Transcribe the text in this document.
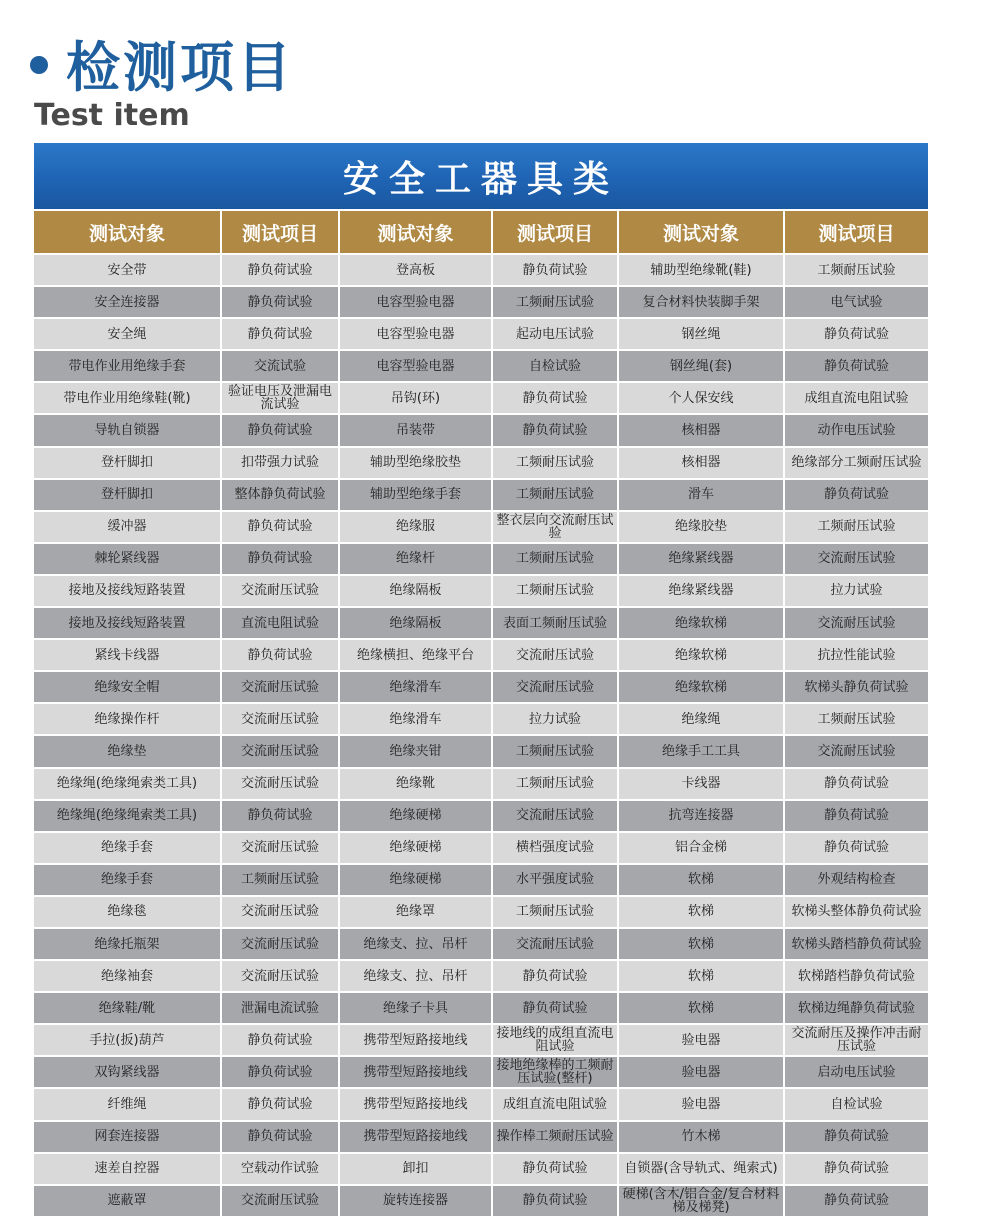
检测项目
Test item
安全工器具类
测试对象	测试项目	测试对象	测试项目	测试对象	测试项目
安全带	静负荷试验	登高板	静负荷试验	辅助型绝缘靴(鞋)	工频耐压试验
安全连接器	静负荷试验	电容型验电器	工频耐压试验	复合材料快装脚手架	电气试验
安全绳	静负荷试验	电容型验电器	起动电压试验	钢丝绳	静负荷试验
带电作业用绝缘手套	交流试验	电容型验电器	自检试验	钢丝绳(套)	静负荷试验
带电作业用绝缘鞋(靴)	验证电压及泄漏电流试验	吊钩(环)	静负荷试验	个人保安线	成组直流电阻试验
导轨自锁器	静负荷试验	吊装带	静负荷试验	核相器	动作电压试验
登杆脚扣	扣带强力试验	辅助型绝缘胶垫	工频耐压试验	核相器	绝缘部分工频耐压试验
登杆脚扣	整体静负荷试验	辅助型绝缘手套	工频耐压试验	滑车	静负荷试验
缓冲器	静负荷试验	绝缘服	整衣层向交流耐压试验	绝缘胶垫	工频耐压试验
棘轮紧线器	静负荷试验	绝缘杆	工频耐压试验	绝缘紧线器	交流耐压试验
接地及接线短路装置	交流耐压试验	绝缘隔板	工频耐压试验	绝缘紧线器	拉力试验
接地及接线短路装置	直流电阻试验	绝缘隔板	表面工频耐压试验	绝缘软梯	交流耐压试验
紧线卡线器	静负荷试验	绝缘横担、绝缘平台	交流耐压试验	绝缘软梯	抗拉性能试验
绝缘安全帽	交流耐压试验	绝缘滑车	交流耐压试验	绝缘软梯	软梯头静负荷试验
绝缘操作杆	交流耐压试验	绝缘滑车	拉力试验	绝缘绳	工频耐压试验
绝缘垫	交流耐压试验	绝缘夹钳	工频耐压试验	绝缘手工工具	交流耐压试验
绝缘绳(绝缘绳索类工具)	交流耐压试验	绝缘靴	工频耐压试验	卡线器	静负荷试验
绝缘绳(绝缘绳索类工具)	静负荷试验	绝缘硬梯	交流耐压试验	抗弯连接器	静负荷试验
绝缘手套	交流耐压试验	绝缘硬梯	横档强度试验	铝合金梯	静负荷试验
绝缘手套	工频耐压试验	绝缘硬梯	水平强度试验	软梯	外观结构检查
绝缘毯	交流耐压试验	绝缘罩	工频耐压试验	软梯	软梯头整体静负荷试验
绝缘托瓶架	交流耐压试验	绝缘支、拉、吊杆	交流耐压试验	软梯	软梯头踏档静负荷试验
绝缘袖套	交流耐压试验	绝缘支、拉、吊杆	静负荷试验	软梯	软梯踏档静负荷试验
绝缘鞋/靴	泄漏电流试验	绝缘子卡具	静负荷试验	软梯	软梯边绳静负荷试验
手拉(扳)葫芦	静负荷试验	携带型短路接地线	接地线的成组直流电阻试验	验电器	交流耐压及操作冲击耐压试验
双钩紧线器	静负荷试验	携带型短路接地线	接地绝缘棒的工频耐压试验(整杆)	验电器	启动电压试验
纤维绳	静负荷试验	携带型短路接地线	成组直流电阻试验	验电器	自检试验
网套连接器	静负荷试验	携带型短路接地线	操作棒工频耐压试验	竹木梯	静负荷试验
速差自控器	空载动作试验	卸扣	静负荷试验	自锁器(含导轨式、绳索式)	静负荷试验
遮蔽罩	交流耐压试验	旋转连接器	静负荷试验	硬梯(含木/铝合金/复合材料梯及梯凳)	静负荷试验
